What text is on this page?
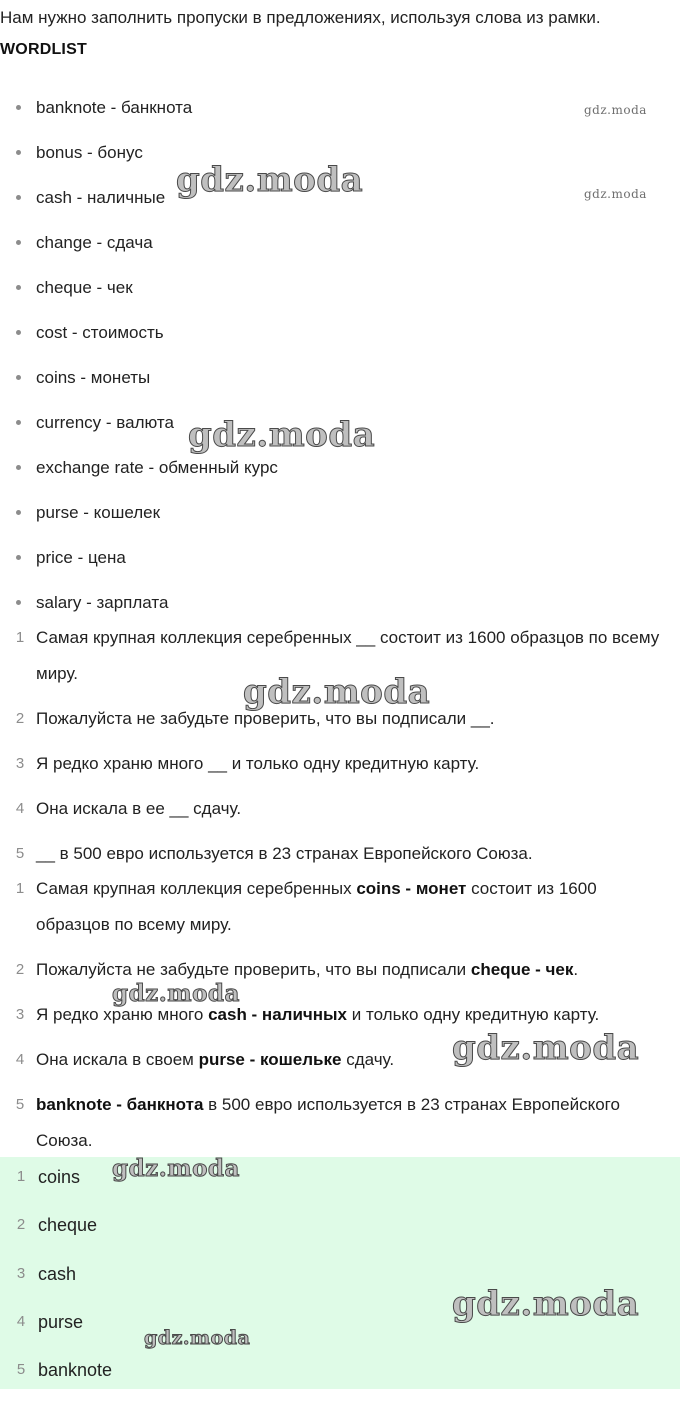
Нам нужно заполнить пропуски в предложениях, используя слова из рамки.
WORDLIST
banknote - банкнота
bonus - бонус
cash - наличные
change - сдача
cheque - чек
cost - стоимость
coins - монеты
currency - валюта
exchange rate - обменный курс
purse - кошелек
price - цена
salary - зарплата
1 Самая крупная коллекция серебренных __ состоит из 1600 образцов по всему миру.
2 Пожалуйста не забудьте проверить, что вы подписали __.
3 Я редко храню много __ и только одну кредитную карту.
4 Она искала в ее __ сдачу.
5 __ в 500 евро используется в 23 странах Европейского Союза.
1 Самая крупная коллекция серебренных coins - монет состоит из 1600 образцов по всему миру.
2 Пожалуйста не забудьте проверить, что вы подписали cheque - чек.
3 Я редко храню много cash - наличных и только одну кредитную карту.
4 Она искала в своем purse - кошельке сдачу.
5 banknote - банкнота в 500 евро используется в 23 странах Европейского Союза.
1 coins
2 cheque
3 cash
4 purse
5 banknote
gdz.moda
gdz.moda	gdz.moda
gdz.moda
gdz.moda
gdz.moda
gdz.moda
gdz.moda
gdz.moda
gdz.moda
